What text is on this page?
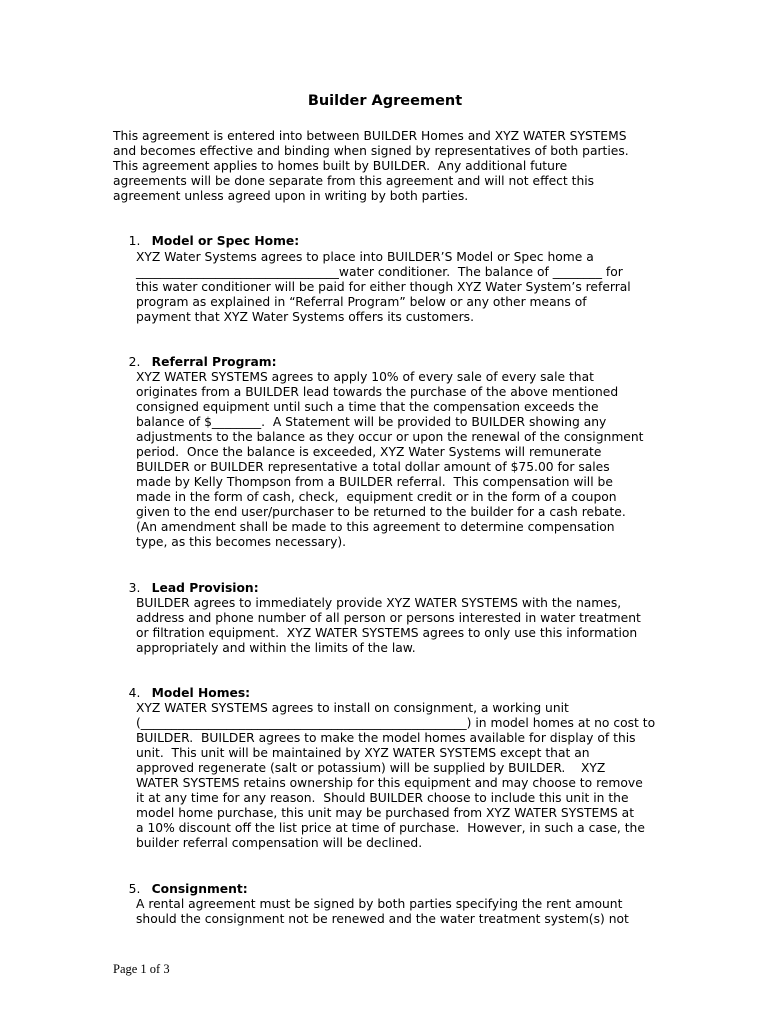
Builder Agreement
This agreement is entered into between BUILDER Homes and XYZ WATER SYSTEMS
and becomes effective and binding when signed by representatives of both parties.
This agreement applies to homes built by BUILDER.  Any additional future
agreements will be done separate from this agreement and will not effect this
agreement unless agreed upon in writing by both parties.

1. Model or Spec Home:

XYZ Water Systems agrees to place into BUILDER’S Model or Spec home a
_________________________________water conditioner.  The balance of ________ for
this water conditioner will be paid for either though XYZ Water System’s referral
program as explained in “Referral Program” below or any other means of
payment that XYZ Water Systems offers its customers.

2. Referral Program:

XYZ WATER SYSTEMS agrees to apply 10% of every sale of every sale that
originates from a BUILDER lead towards the purchase of the above mentioned
consigned equipment until such a time that the compensation exceeds the
balance of $________.  A Statement will be provided to BUILDER showing any
adjustments to the balance as they occur or upon the renewal of the consignment
period.  Once the balance is exceeded, XYZ Water Systems will remunerate
BUILDER or BUILDER representative a total dollar amount of $75.00 for sales
made by Kelly Thompson from a BUILDER referral.  This compensation will be
made in the form of cash, check,  equipment credit or in the form of a coupon
given to the end user/purchaser to be returned to the builder for a cash rebate.
(An amendment shall be made to this agreement to determine compensation
type, as this becomes necessary).

3. Lead Provision:

BUILDER agrees to immediately provide XYZ WATER SYSTEMS with the names,
address and phone number of all person or persons interested in water treatment
or filtration equipment.  XYZ WATER SYSTEMS agrees to only use this information
appropriately and within the limits of the law.

4. Model Homes:

XYZ WATER SYSTEMS agrees to install on consignment, a working unit
(_____________________________________________________) in model homes at no cost to
BUILDER.  BUILDER agrees to make the model homes available for display of this
unit.  This unit will be maintained by XYZ WATER SYSTEMS except that an
approved regenerate (salt or potassium) will be supplied by BUILDER.    XYZ
WATER SYSTEMS retains ownership for this equipment and may choose to remove
it at any time for any reason.  Should BUILDER choose to include this unit in the
model home purchase, this unit may be purchased from XYZ WATER SYSTEMS at
a 10% discount off the list price at time of purchase.  However, in such a case, the
builder referral compensation will be declined.

5. Consignment:

A rental agreement must be signed by both parties specifying the rent amount
should the consignment not be renewed and the water treatment system(s) not
Page 1 of 3
